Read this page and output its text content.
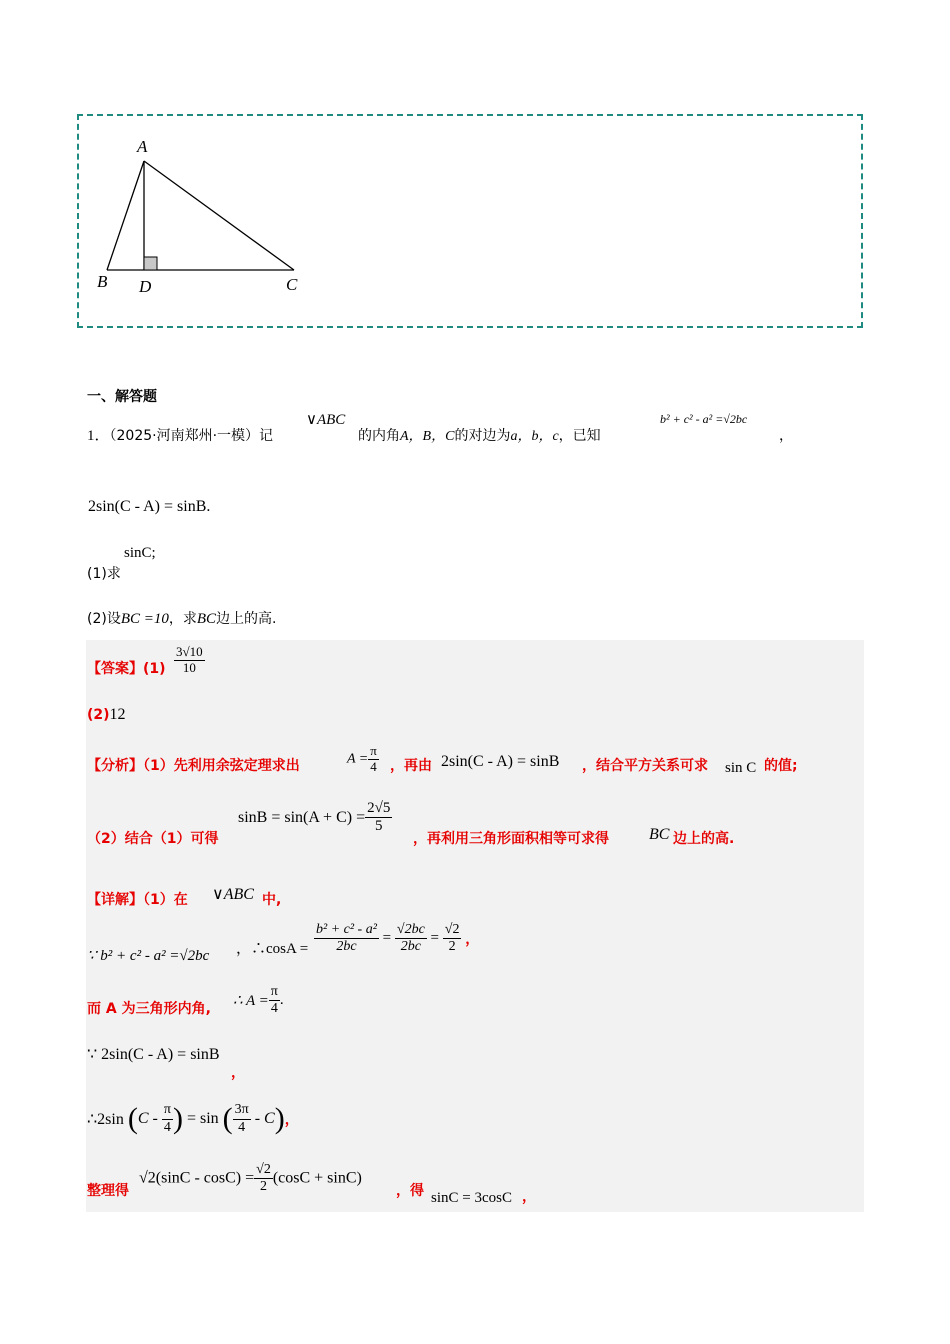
A
B D	C
一、解答题
1．（2025·河南郑州·一模）记
∨ABC
的内角A，B，C的对边为a，b，c，已知
b² + c² - a² =√2bc
，
2sin(C - A) = sinB.
sinC;
(1)求
(2)设BC =10，求BC边上的高.
【答案】$(1) \frac{3√10}{10}$
(2)12
【分析】（1）先利用余弦定理求出	$A = \frac{\pi}{4}$ ，再由 2sin(C - A) = sinB ，结合平方关系可求 sin C 的值;
（2）结合（1）可得
$\sin B = \sin(A + C) = \frac{2√5}{5}$
，再利用三角形面积相等可求得	BC 边上的高.
【详解】（1）在 ∨ABC 中,
∵ b² + c² - a² =√2bc ，∴cosA = $\frac{\text{b² + c² - a²}}{2bc} = \frac{√2bc}{2bc} = \frac{√2}{2}$ ，
而 A 为三角形内角, ∴ $A = \frac{\pi}{4}$ .
∵ 2sin(C - A) = sinB
，
∴2sin ($C - \frac{\pi}{4}$ ) = sin ( $\frac{3\pi}{4} - C$)，
整理得
$√2(\sin C - \cos C) = \frac{√2}{2} (\cos C + \sin C)$
，得 sinC = 3cosC ，
